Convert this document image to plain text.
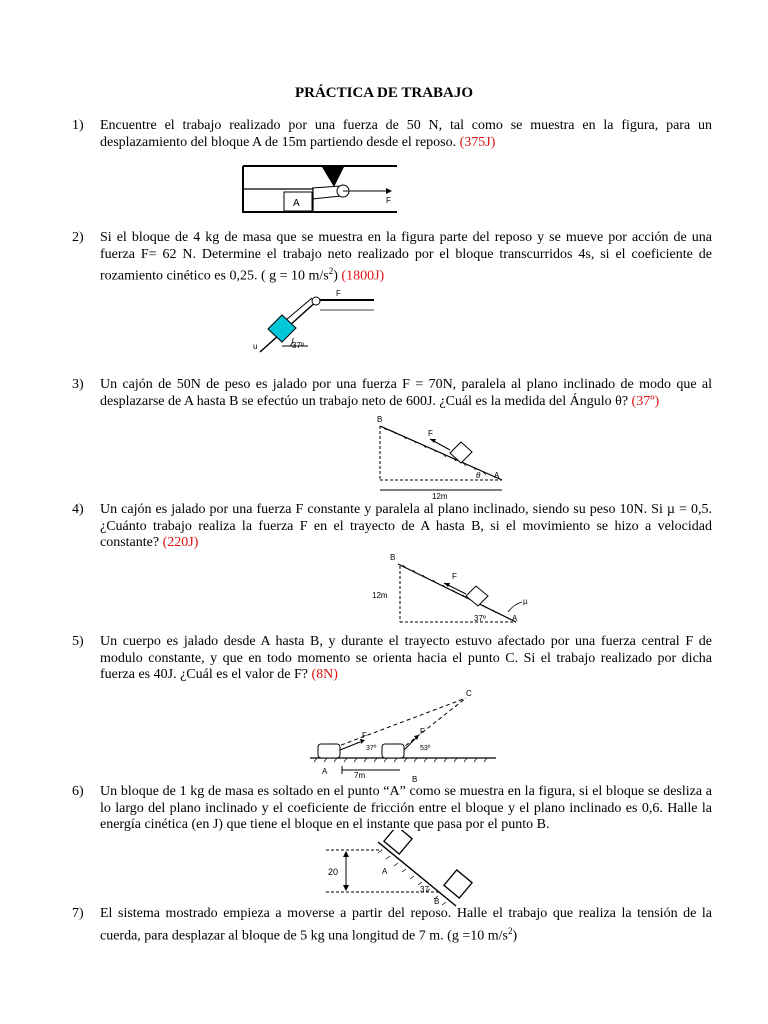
PRÁCTICA DE TRABAJO
1) Encuentre el trabajo realizado por una fuerza de 50 N, tal como se muestra en la figura, para un desplazamiento del bloque A de 15m partiendo desde el reposo. (375J)
A	F
2) Si el bloque de 4 kg de masa que se muestra en la figura parte del reposo y se mueve por acción de una fuerza F= 62 N. Determine el trabajo neto realizado por el bloque transcurridos 4s, si el coeficiente de rozamiento cinético es 0,25. ( g = 10 $m/s^2$) (1800J)
u	37º
F
3) Un cajón de 50N de peso es jalado por una fuerza F = 70N, paralela al plano inclinado de modo que al desplazarse de A hasta B se efectúo un trabajo neto de 600J. ¿Cuál es la medida del Ángulo θ? (37º)
B
F
θ A
12m
4) Un cajón es jalado por una fuerza F constante y paralela al plano inclinado, siendo su peso 10N. Si µ = 0,5. ¿Cuánto trabajo realiza la fuerza F en el trayecto de A hasta B, si el movimiento se hizo a velocidad constante? (220J)
B
12m
F
37º	A
µ
5) Un cuerpo es jalado desde A hasta B, y durante el trayecto estuvo afectado por una fuerza central F de modulo constante, y que en todo momento se orienta hacia el punto C. Si el trabajo realizado por dicha fuerza es 40J. ¿Cuál es el valor de F? (8N)
C
F
37º
F
53º
A	7m	B
6) Un bloque de 1 kg de masa es soltado en el punto “A” como se muestra en la figura, si el bloque se desliza a lo largo del plano inclinado y el coeficiente de fricción entre el bloque y el plano inclinado es 0,6. Halle la energía cinética (en J) que tiene el bloque en el instante que pasa por el punto B.
20	A
37
B
7) El sistema mostrado empieza a moverse a partir del reposo. Halle el trabajo que realiza la tensión de la cuerda, para desplazar al bloque de 5 kg una longitud de 7 m. (g =10 $m/s^2$)
